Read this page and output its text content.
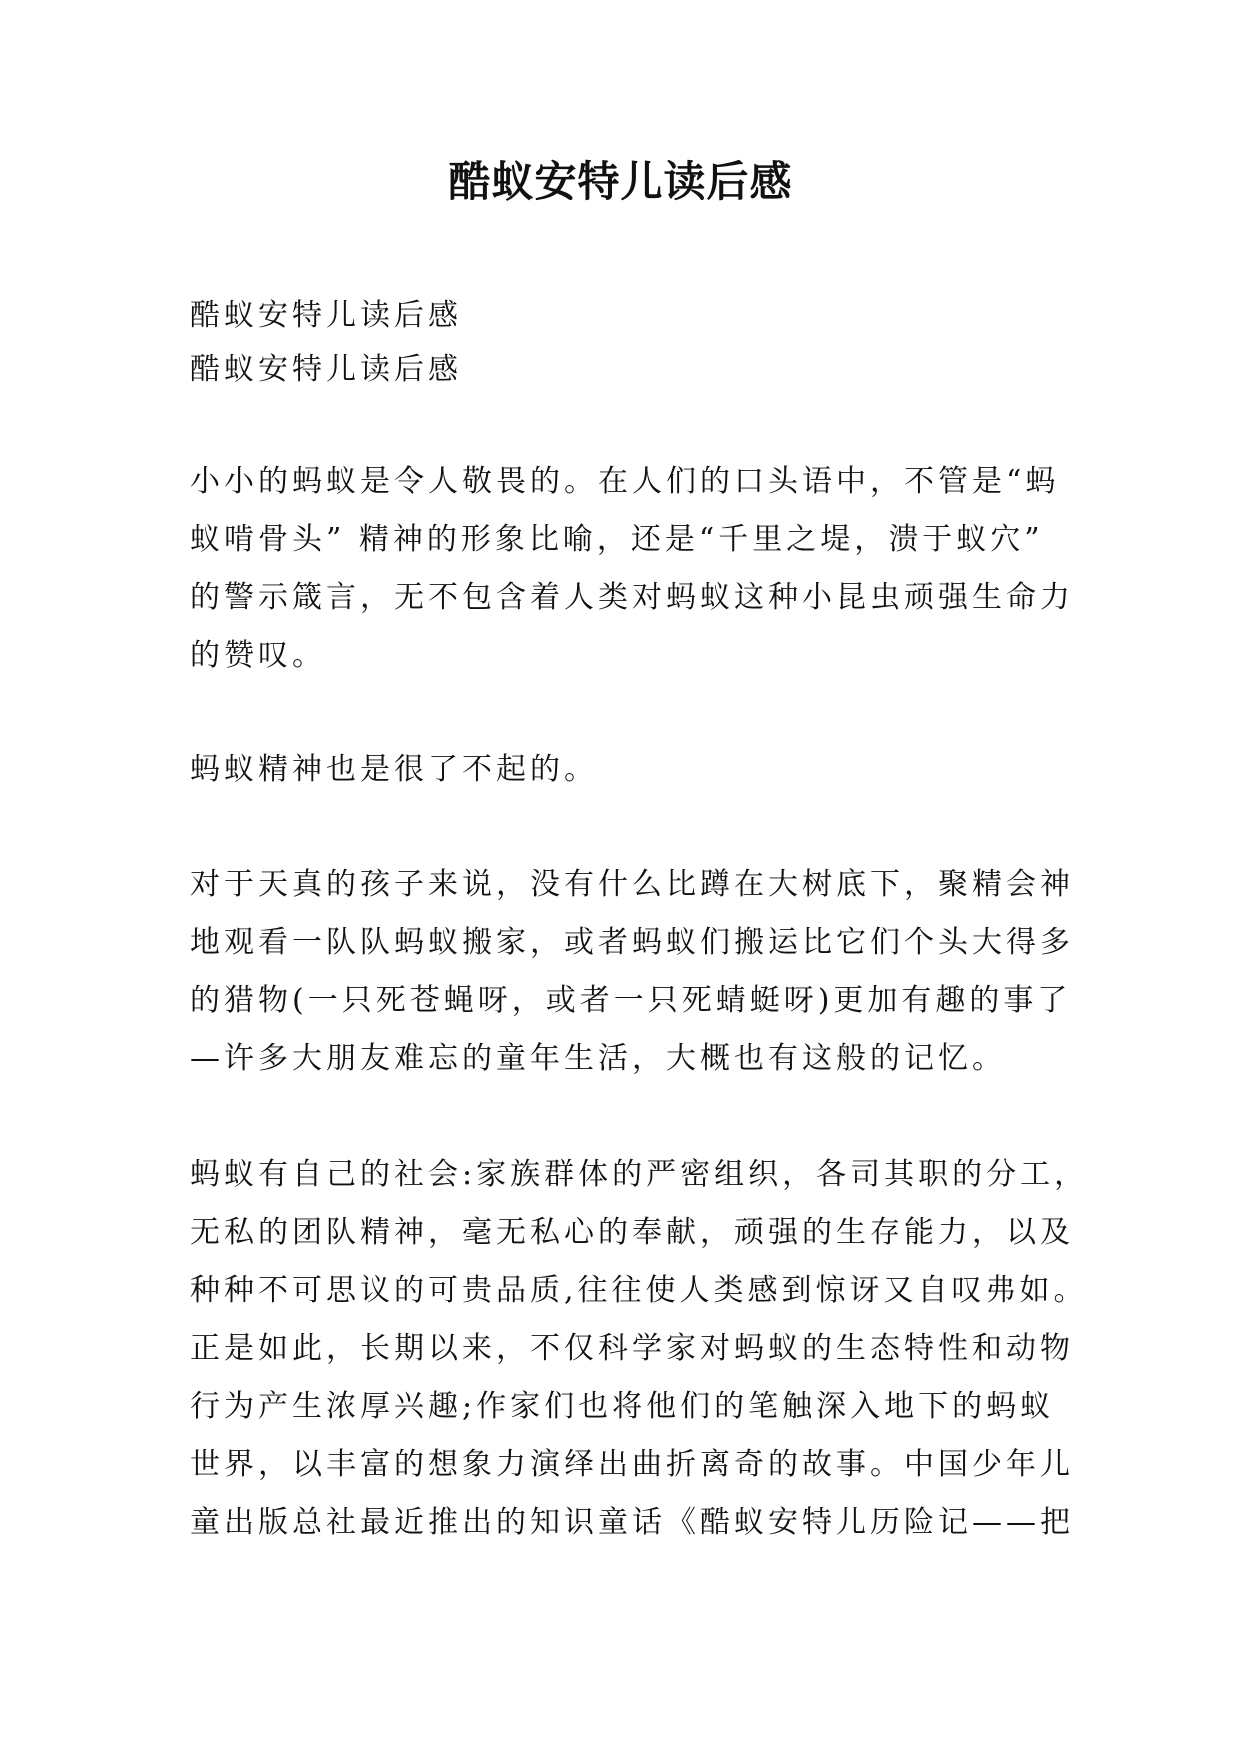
酷蚁安特儿读后感
酷蚁安特儿读后感
酷蚁安特儿读后感
小小的蚂蚁是令人敬畏的。在人们的口头语中，不管是“蚂
蚁啃骨头” 精神的形象比喻，还是“千里之堤，溃于蚁穴”
的警示箴言，无不包含着人类对蚂蚁这种小昆虫顽强生命力
的赞叹。
蚂蚁精神也是很了不起的。
对于天真的孩子来说，没有什么比蹲在大树底下，聚精会神
地观看一队队蚂蚁搬家，或者蚂蚁们搬运比它们个头大得多
的猎物(一只死苍蝇呀，或者一只死蜻蜓呀)更加有趣的事了
—许多大朋友难忘的童年生活，大概也有这般的记忆。
蚂蚁有自己的社会:家族群体的严密组织，各司其职的分工，
无私的团队精神，毫无私心的奉献，顽强的生存能力，以及
种种不可思议的可贵品质,往往使人类感到惊讶又自叹弗如。
正是如此，长期以来，不仅科学家对蚂蚁的生态特性和动物
行为产生浓厚兴趣;作家们也将他们的笔触深入地下的蚂蚁
世界，以丰富的想象力演绎出曲折离奇的故事。中国少年儿
童出版总社最近推出的知识童话《酷蚁安特儿历险记——把
